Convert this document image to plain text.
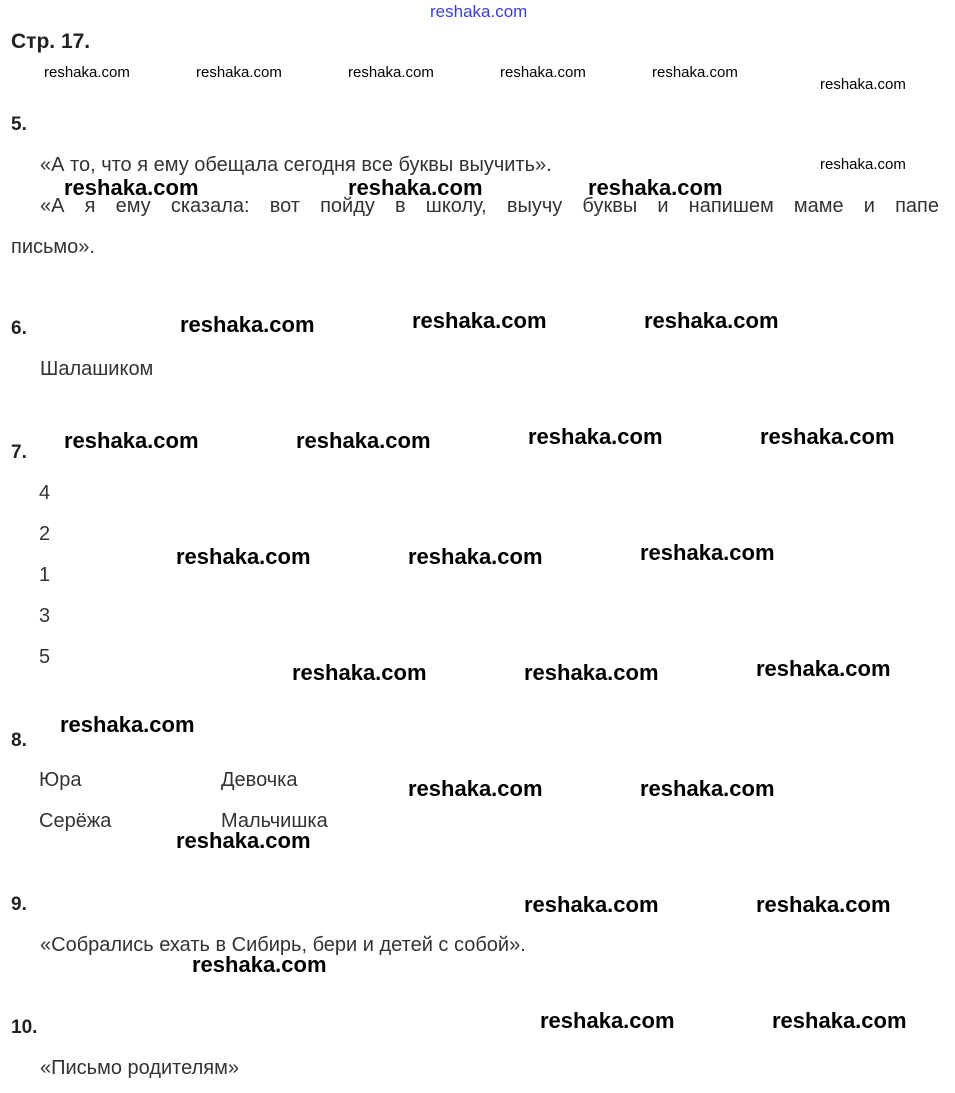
reshaka.com
Стр. 17.
reshaka.com	reshaka.com	reshaka.com	reshaka.com	reshaka.com
reshaka.com
5.
«А то, что я ему обещала сегодня все буквы выучить».	reshaka.com
«А я ему сказала: вот пойду в школу, выучу буквы и напишем маме и папе
письмо».
reshaka.com	reshaka.com	reshaka.com
6.	reshaka.com	reshaka.com	reshaka.com
Шалашиком
7. reshaka.com	reshaka.com	reshaka.com	reshaka.com
4
2
1
3
5
reshaka.com	reshaka.com	reshaka.com
reshaka.com	reshaka.com	reshaka.com
8.
reshaka.com
Юра	Девочка
Серёжа	Мальчишка
reshaka.com	reshaka.com
reshaka.com
9.	reshaka.com	reshaka.com
«Собрались ехать в Сибирь, бери и детей с собой».
reshaka.com
10.	reshaka.com	reshaka.com
«Письмо родителям»
